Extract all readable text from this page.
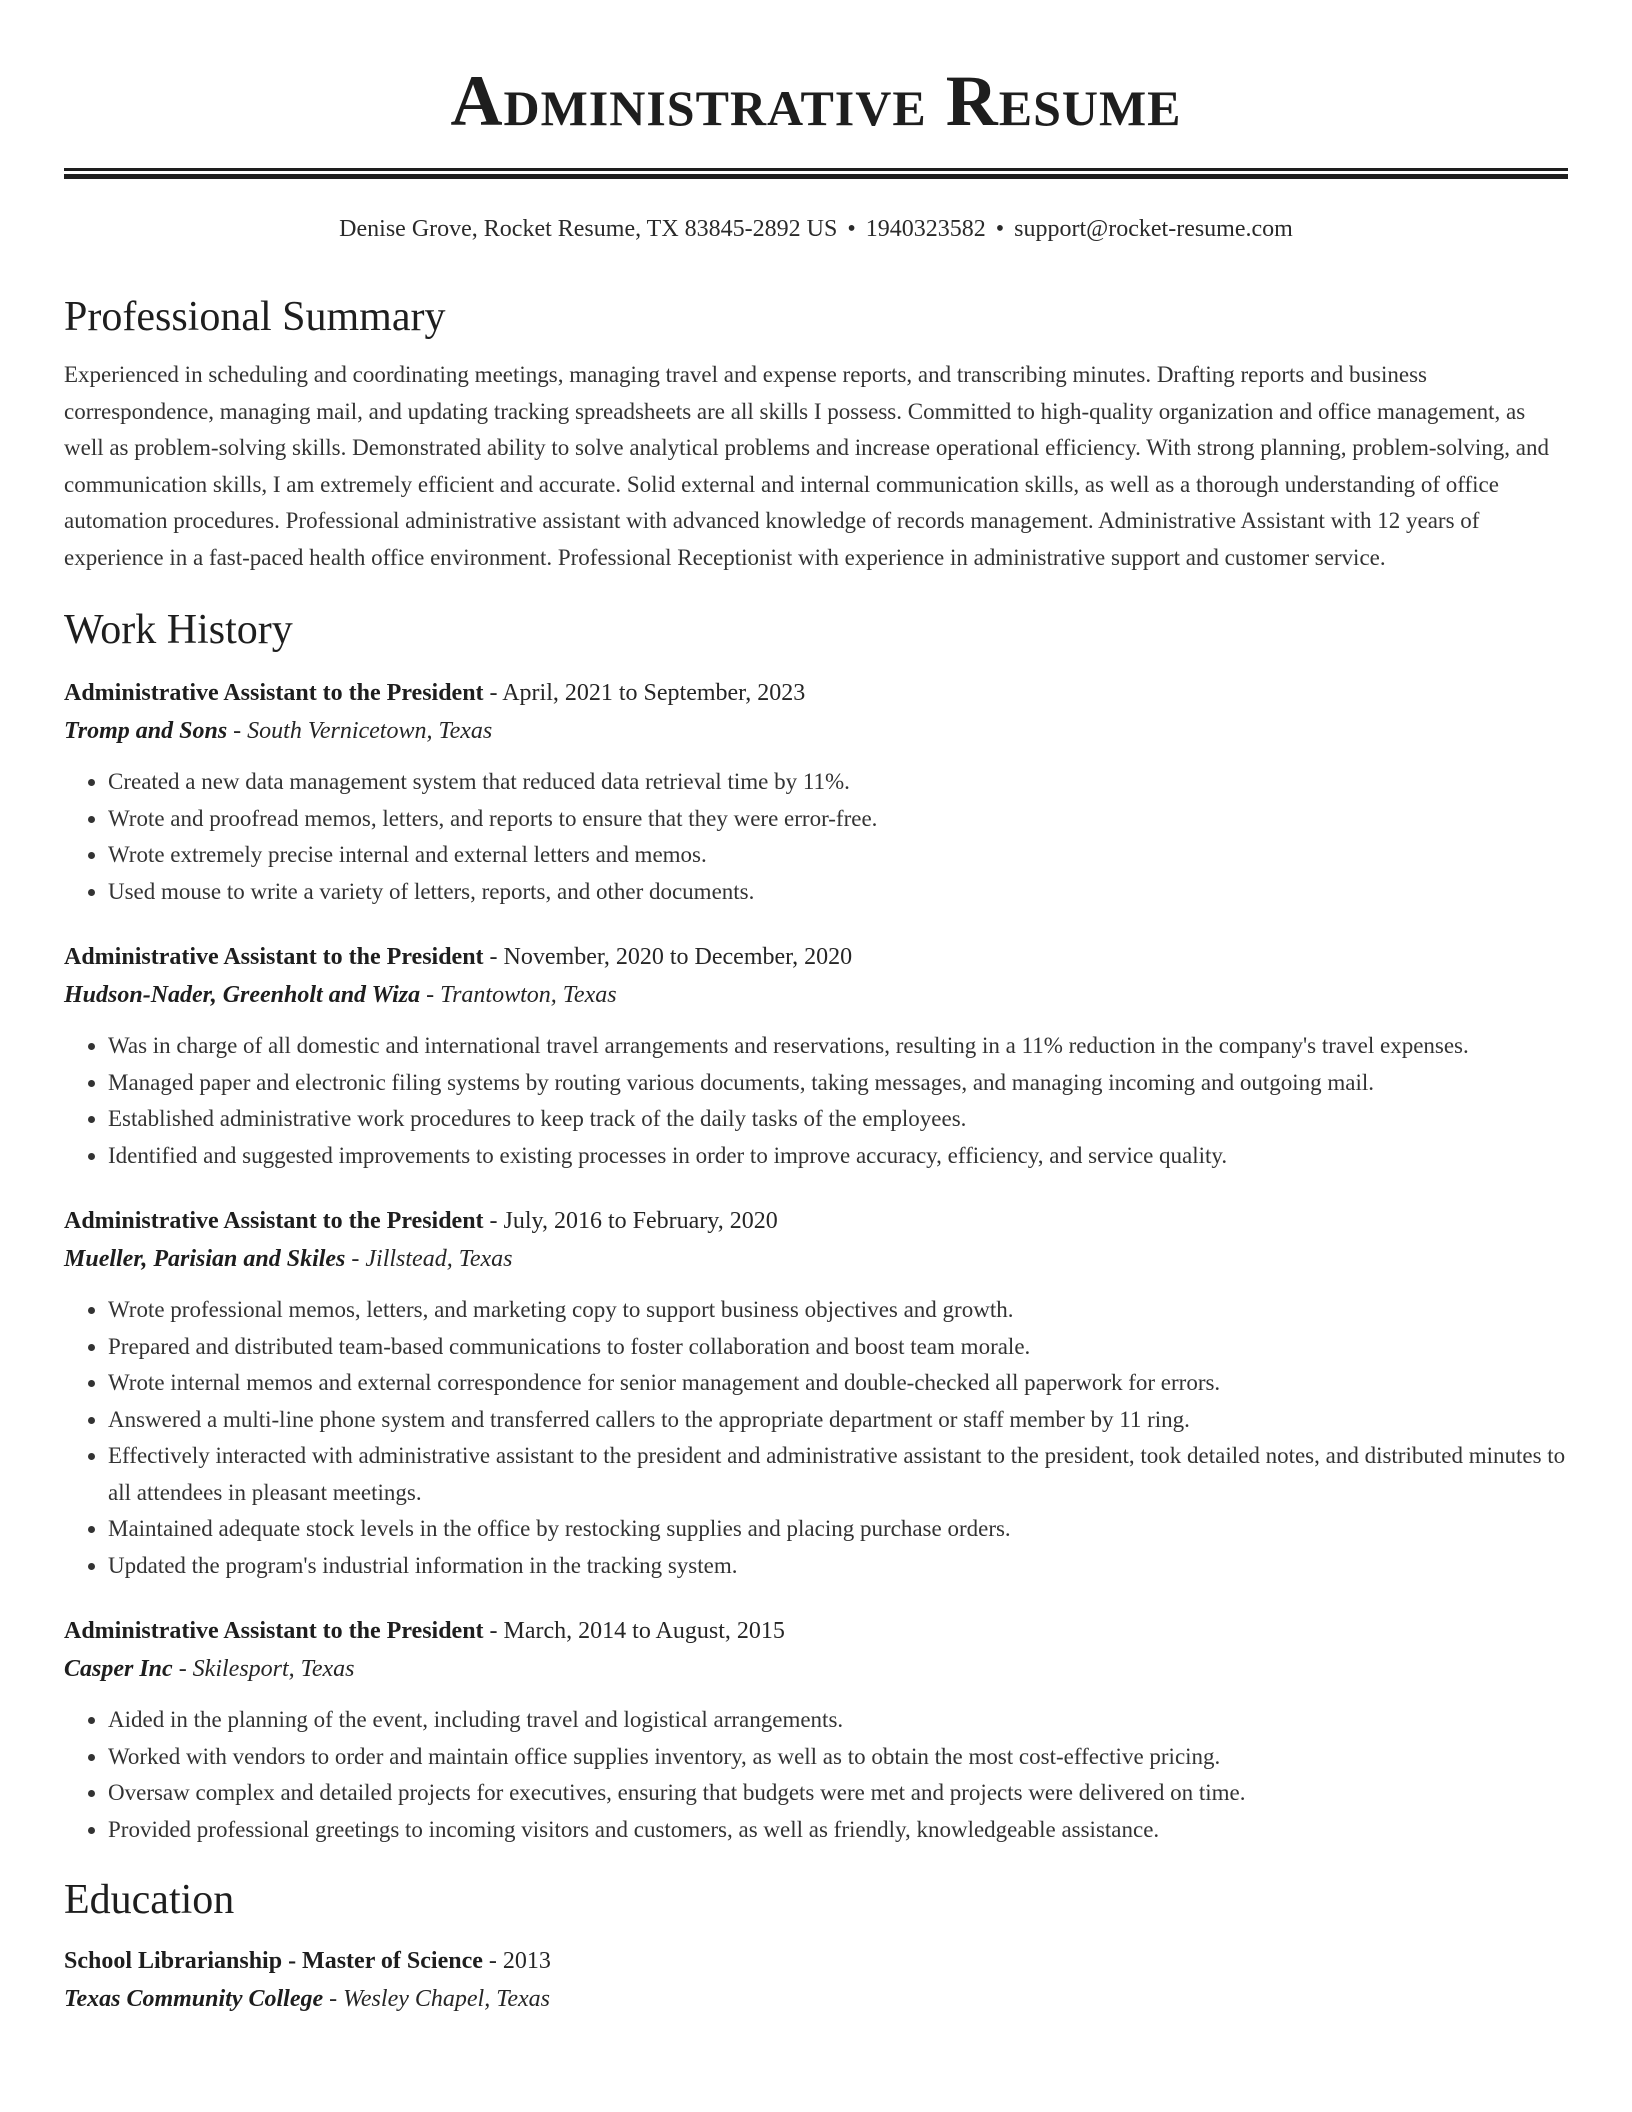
Administrative Resume
Denise Grove, Rocket Resume, TX 83845-2892 US • 1940323582 • support@rocket-resume.com
Professional Summary
Experienced in scheduling and coordinating meetings, managing travel and expense reports, and transcribing minutes. Drafting reports and business correspondence, managing mail, and updating tracking spreadsheets are all skills I possess. Committed to high-quality organization and office management, as well as problem-solving skills. Demonstrated ability to solve analytical problems and increase operational efficiency. With strong planning, problem-solving, and communication skills, I am extremely efficient and accurate. Solid external and internal communication skills, as well as a thorough understanding of office automation procedures. Professional administrative assistant with advanced knowledge of records management. Administrative Assistant with 12 years of experience in a fast-paced health office environment. Professional Receptionist with experience in administrative support and customer service.
Work History
Administrative Assistant to the President - April, 2021 to September, 2023
Tromp and Sons - South Vernicetown, Texas
• Created a new data management system that reduced data retrieval time by 11%.
• Wrote and proofread memos, letters, and reports to ensure that they were error-free.
• Wrote extremely precise internal and external letters and memos.
• Used mouse to write a variety of letters, reports, and other documents.
Administrative Assistant to the President - November, 2020 to December, 2020
Hudson-Nader, Greenholt and Wiza - Trantowton, Texas
• Was in charge of all domestic and international travel arrangements and reservations, resulting in a 11% reduction in the company's travel expenses.
• Managed paper and electronic filing systems by routing various documents, taking messages, and managing incoming and outgoing mail.
• Established administrative work procedures to keep track of the daily tasks of the employees.
• Identified and suggested improvements to existing processes in order to improve accuracy, efficiency, and service quality.
Administrative Assistant to the President - July, 2016 to February, 2020
Mueller, Parisian and Skiles - Jillstead, Texas
• Wrote professional memos, letters, and marketing copy to support business objectives and growth.
• Prepared and distributed team-based communications to foster collaboration and boost team morale.
• Wrote internal memos and external correspondence for senior management and double-checked all paperwork for errors.
• Answered a multi-line phone system and transferred callers to the appropriate department or staff member by 11 ring.
• Effectively interacted with administrative assistant to the president and administrative assistant to the president, took detailed notes, and distributed minutes to all attendees in pleasant meetings.
• Maintained adequate stock levels in the office by restocking supplies and placing purchase orders.
• Updated the program's industrial information in the tracking system.
Administrative Assistant to the President - March, 2014 to August, 2015
Casper Inc - Skilesport, Texas
• Aided in the planning of the event, including travel and logistical arrangements.
• Worked with vendors to order and maintain office supplies inventory, as well as to obtain the most cost-effective pricing.
• Oversaw complex and detailed projects for executives, ensuring that budgets were met and projects were delivered on time.
• Provided professional greetings to incoming visitors and customers, as well as friendly, knowledgeable assistance.
Education
School Librarianship - Master of Science - 2013
Texas Community College - Wesley Chapel, Texas
